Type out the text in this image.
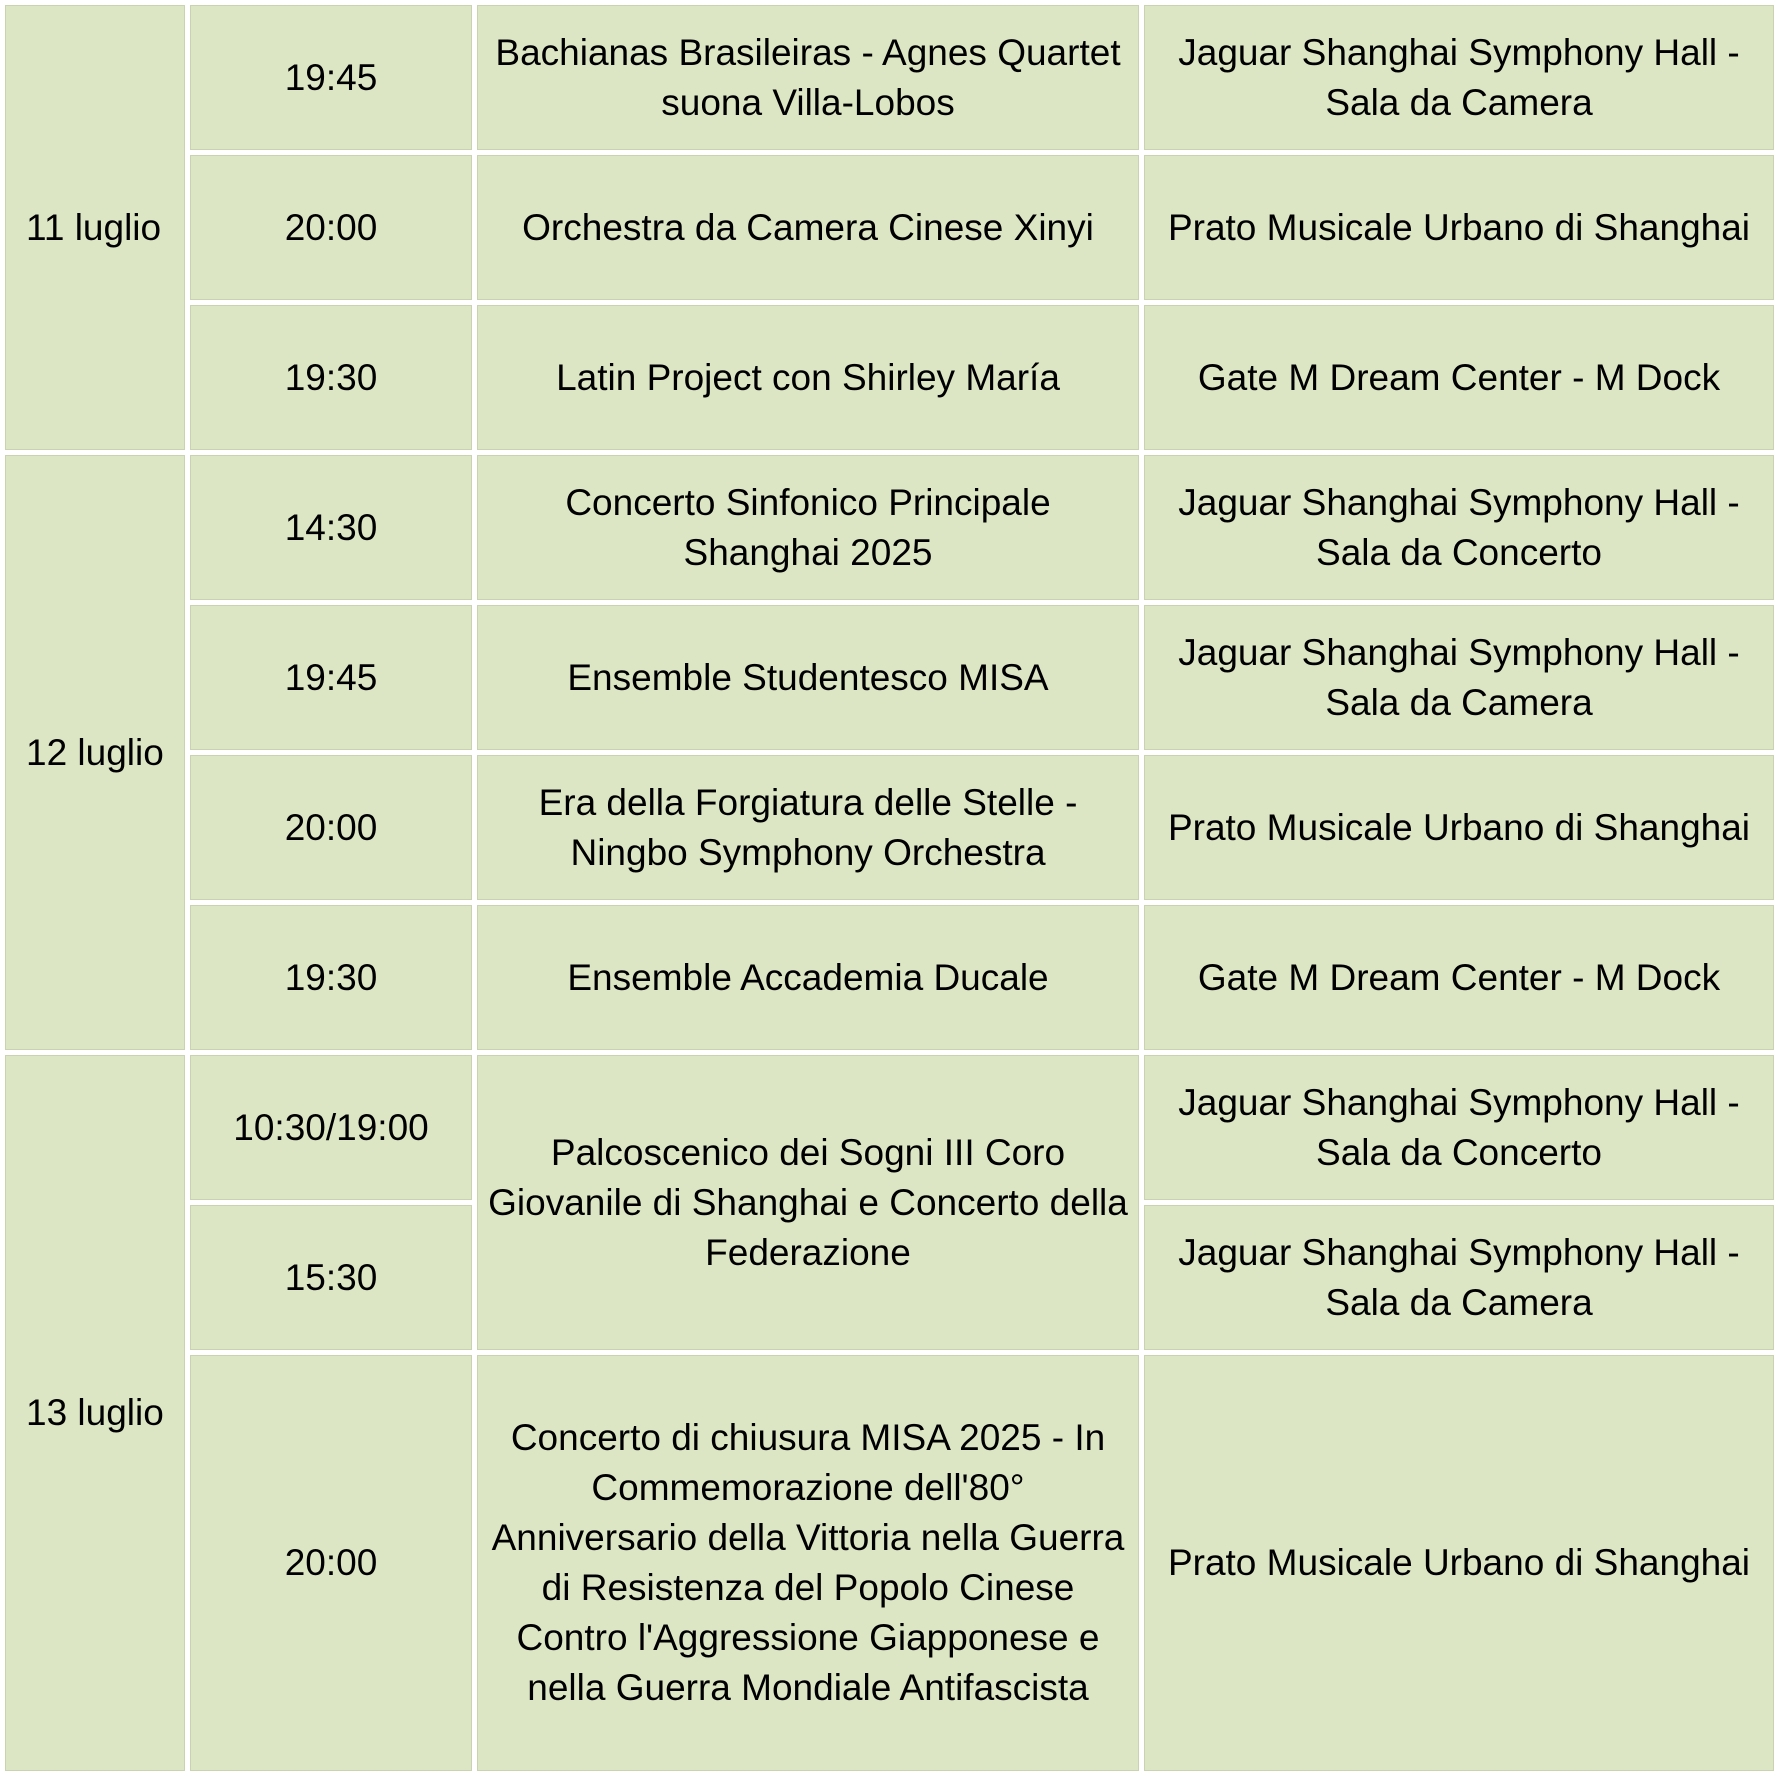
11 luglio	19:45	Bachianas Brasileiras - Agnes Quartet suona Villa-Lobos	Jaguar Shanghai Symphony Hall - Sala da Camera
	20:00	Orchestra da Camera Cinese Xinyi	Prato Musicale Urbano di Shanghai
	19:30	Latin Project con Shirley María	Gate M Dream Center - M Dock
12 luglio	14:30	Concerto Sinfonico Principale Shanghai 2025	Jaguar Shanghai Symphony Hall - Sala da Concerto
	19:45	Ensemble Studentesco MISA	Jaguar Shanghai Symphony Hall - Sala da Camera
	20:00	Era della Forgiatura delle Stelle - Ningbo Symphony Orchestra	Prato Musicale Urbano di Shanghai
	19:30	Ensemble Accademia Ducale	Gate M Dream Center - M Dock
13 luglio	10:30/19:00	Palcoscenico dei Sogni III Coro Giovanile di Shanghai e Concerto della Federazione	Jaguar Shanghai Symphony Hall - Sala da Concerto
	15:30		Jaguar Shanghai Symphony Hall - Sala da Camera
	20:00	Concerto di chiusura MISA 2025 - In Commemorazione dell'80° Anniversario della Vittoria nella Guerra di Resistenza del Popolo Cinese Contro l'Aggressione Giapponese e nella Guerra Mondiale Antifascista	Prato Musicale Urbano di Shanghai
